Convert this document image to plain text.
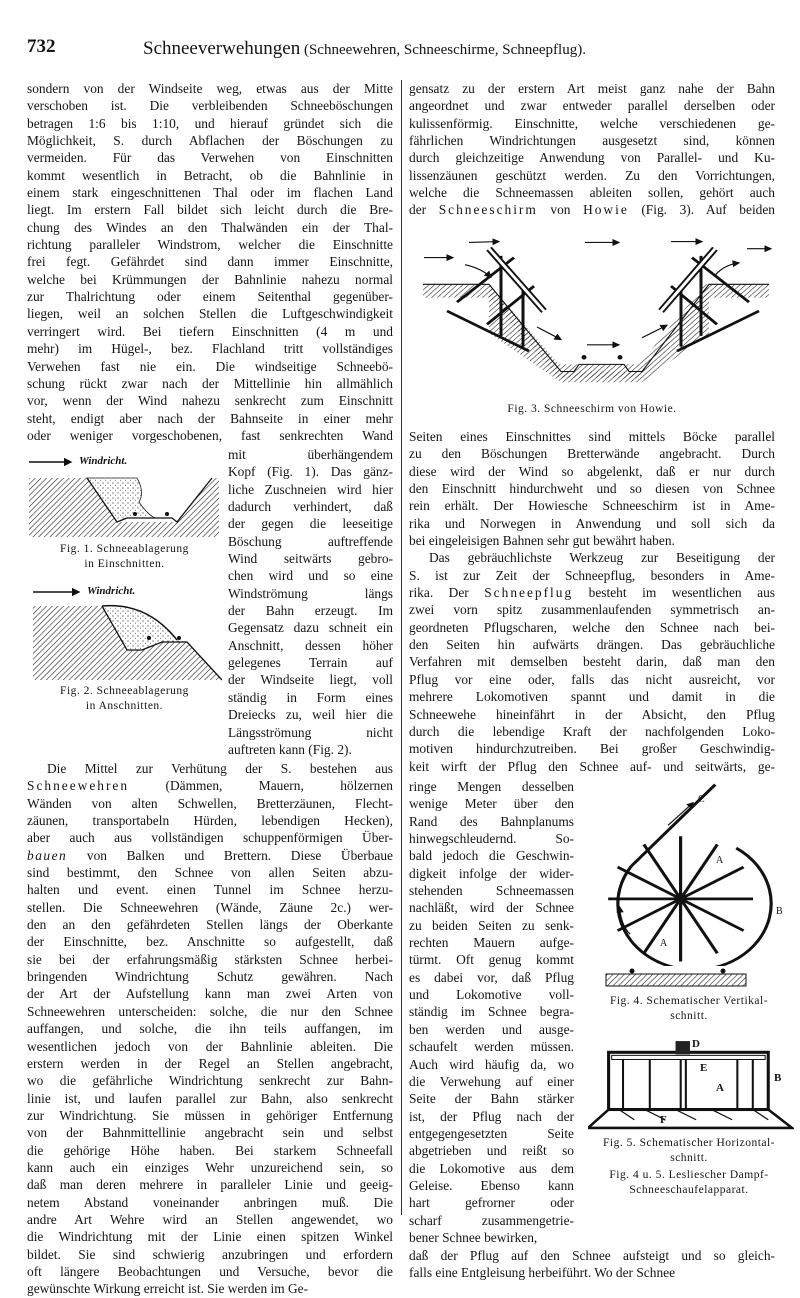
732	Schneeverwehungen (Schneewehren, Schneeschirme, Schneepflug).

sondern von der Windseite weg, etwas aus der Mitte

verschoben ist. Die verbleibenden Schneeböschungen

betragen 1:6 bis 1:10, und hierauf gründet sich die

Möglichkeit, S. durch Abflachen der Böschungen zu

vermeiden. Für das Verwehen von Einschnitten

kommt wesentlich in Betracht, ob die Bahnlinie in

einem stark eingeschnittenen Thal oder im flachen Land

liegt. Im erstern Fall bildet sich leicht durch die Bre-

chung des Windes an den Thalwänden ein der Thal-

richtung paralleler Windstrom, welcher die Einschnitte

frei fegt. Gefährdet sind dann immer Einschnitte,

welche bei Krümmungen der Bahnlinie nahezu normal

zur Thalrichtung oder einem Seitenthal gegenüber-

liegen, weil an solchen Stellen die Luftgeschwindigkeit

verringert wird. Bei tiefern Einschnitten (4 m und

mehr) im Hügel-, bez. Flachland tritt vollständiges

Verwehen fast nie ein. Die windseitige Schneebö-

schung rückt zwar nach der Mittellinie hin allmählich

vor, wenn der Wind nahezu senkrecht zum Einschnitt

steht, endigt aber nach der Bahnseite in einer mehr

oder weniger vorgeschobenen, fast senkrechten Wand

mit überhängendem

Kopf (Fig. 1). Das gänz-

liche Zuschneien wird hier

dadurch verhindert, daß

der gegen die leeseitige

Böschung auftreffende

Wind seitwärts gebro-

chen wird und so eine

Windströmung längs

der Bahn erzeugt. Im

Gegensatz dazu schneit ein

Anschnitt, dessen höher

gelegenes Terrain auf

der Windseite liegt, voll

ständig in Form eines

Dreiecks zu, weil hier die

Längsströmung nicht

auftreten kann (Fig. 2).

Windricht.
Fig. 1. Schneeablagerung
in Einschnitten.
Windricht.
Fig. 2. Schneeablagerung
in Anschnitten.

Die Mittel zur Verhütung der S. bestehen aus

Schneewehren	(Dämmen, Mauern, hölzernen

Wänden von alten Schwellen, Bretterzäunen, Flecht-

zäunen, transportabeln Hürden, lebendigen Hecken),

aber auch aus vollständigen schuppenförmigen Über-

bauen von Balken und Brettern. Diese Überbaue

sind bestimmt, den Schnee von allen Seiten abzu-

halten und event. einen Tunnel im Schnee herzu-

stellen. Die Schneewehren (Wände, Zäune 2c.) wer-

den an den gefährdeten Stellen längs der Oberkante

der Einschnitte, bez. Anschnitte so aufgestellt, daß

sie bei der erfahrungsmäßig stärksten Schnee herbei-

bringenden Windrichtung Schutz gewähren. Nach

der Art der Aufstellung kann man zwei Arten von

Schneewehren unterscheiden: solche, die nur den Schnee

auffangen, und solche, die ihn teils auffangen, im

wesentlichen jedoch von der Bahnlinie ableiten. Die

erstern werden in der Regel an Stellen angebracht,

wo die gefährliche Windrichtung senkrecht zur Bahn-

linie ist, und laufen parallel zur Bahn, also senkrecht

zur Windrichtung. Sie müssen in gehöriger Entfernung

von der Bahnmittellinie angebracht sein und selbst

die gehörige Höhe haben. Bei starkem Schneefall

kann auch ein einziges Wehr unzureichend sein, so

daß man deren mehrere in paralleler Linie und geeig-

netem Abstand voneinander anbringen muß. Die

andre Art Wehre wird an Stellen angewendet, wo

die Windrichtung mit der Linie einen spitzen Winkel

bildet. Sie sind schwierig anzubringen und erfordern

oft längere Beobachtungen und Versuche, bevor die

gewünschte Wirkung erreicht ist. Sie werden im Ge-

gensatz zu der erstern Art meist ganz nahe der Bahn

angeordnet und zwar entweder parallel derselben oder

kulissenförmig. Einschnitte, welche verschiedenen ge-

fährlichen Windrichtungen ausgesetzt sind, können

durch gleichzeitige Anwendung von Parallel- und Ku-

lissenzäunen geschützt werden. Zu den Vorrichtungen,

welche die Schneemassen ableiten sollen, gehört auch

der Schneeschirm von Howie (Fig. 3). Auf beiden

Fig. 3. Schneeschirm von Howie.

Seiten eines Einschnittes sind mittels Böcke parallel

zu den Böschungen Bretterwände angebracht. Durch

diese wird der Wind so abgelenkt, daß er nur durch

den Einschnitt hindurchweht und so diesen von Schnee

rein erhält. Der Howiesche Schneeschirm ist in Ame-

rika und Norwegen in Anwendung und soll sich da

bei eingeleisigen Bahnen sehr gut bewährt haben.

Das gebräuchlichste Werkzeug zur Beseitigung der

S. ist zur Zeit der Schneepflug, besonders in Ame-

rika. Der Schneepflug besteht im wesentlichen aus

zwei vorn spitz zusammenlaufenden symmetrisch an-

geordneten Pflugscharen, welche den Schnee nach bei-

den Seiten hin aufwärts drängen. Das gebräuchliche

Verfahren mit demselben besteht darin, daß man den

Pflug vor eine oder, falls das nicht ausreicht, vor

mehrere Lokomotiven spannt und damit in die

Schneewehe hineinfährt in der Absicht, den Pflug

durch die lebendige Kraft der nachfolgenden Loko-

motiven hindurchzutreiben. Bei großer Geschwindig-

keit wirft der Pflug den Schnee auf- und seitwärts, ge-

ringe Mengen desselben

wenige Meter über den

Rand des Bahnplanums

hinwegschleudernd. So-

bald jedoch die Geschwin-

digkeit infolge der wider-

stehenden Schneemassen

nachläßt, wird der Schnee

zu beiden Seiten zu senk-

rechten Mauern aufge-

türmt. Oft genug kommt

es dabei vor, daß Pflug

und Lokomotive voll-

ständig im Schnee begra-

ben werden und ausge-

schaufelt werden müssen.

Auch wird häufig da, wo

die Verwehung auf einer

Seite der Bahn stärker

ist, der Pflug nach der

entgegengesetzten Seite

abgetrieben und reißt so

die Lokomotive aus dem

Geleise. Ebenso kann

hart gefrorner oder

scharf zusammengetrie-

bener Schnee bewirken,

A
A
B
C
Fig. 4. Schematischer Vertikal-
schnitt.
D
E
A
B
F
Fig. 5. Schematischer Horizontal-
schnitt.
Fig. 4 u. 5. Lesliescher Dampf-
Schneeschaufelapparat.

daß der Pflug auf den Schnee aufsteigt und so gleich-

falls eine Entgleisung herbeiführt. Wo der Schnee
